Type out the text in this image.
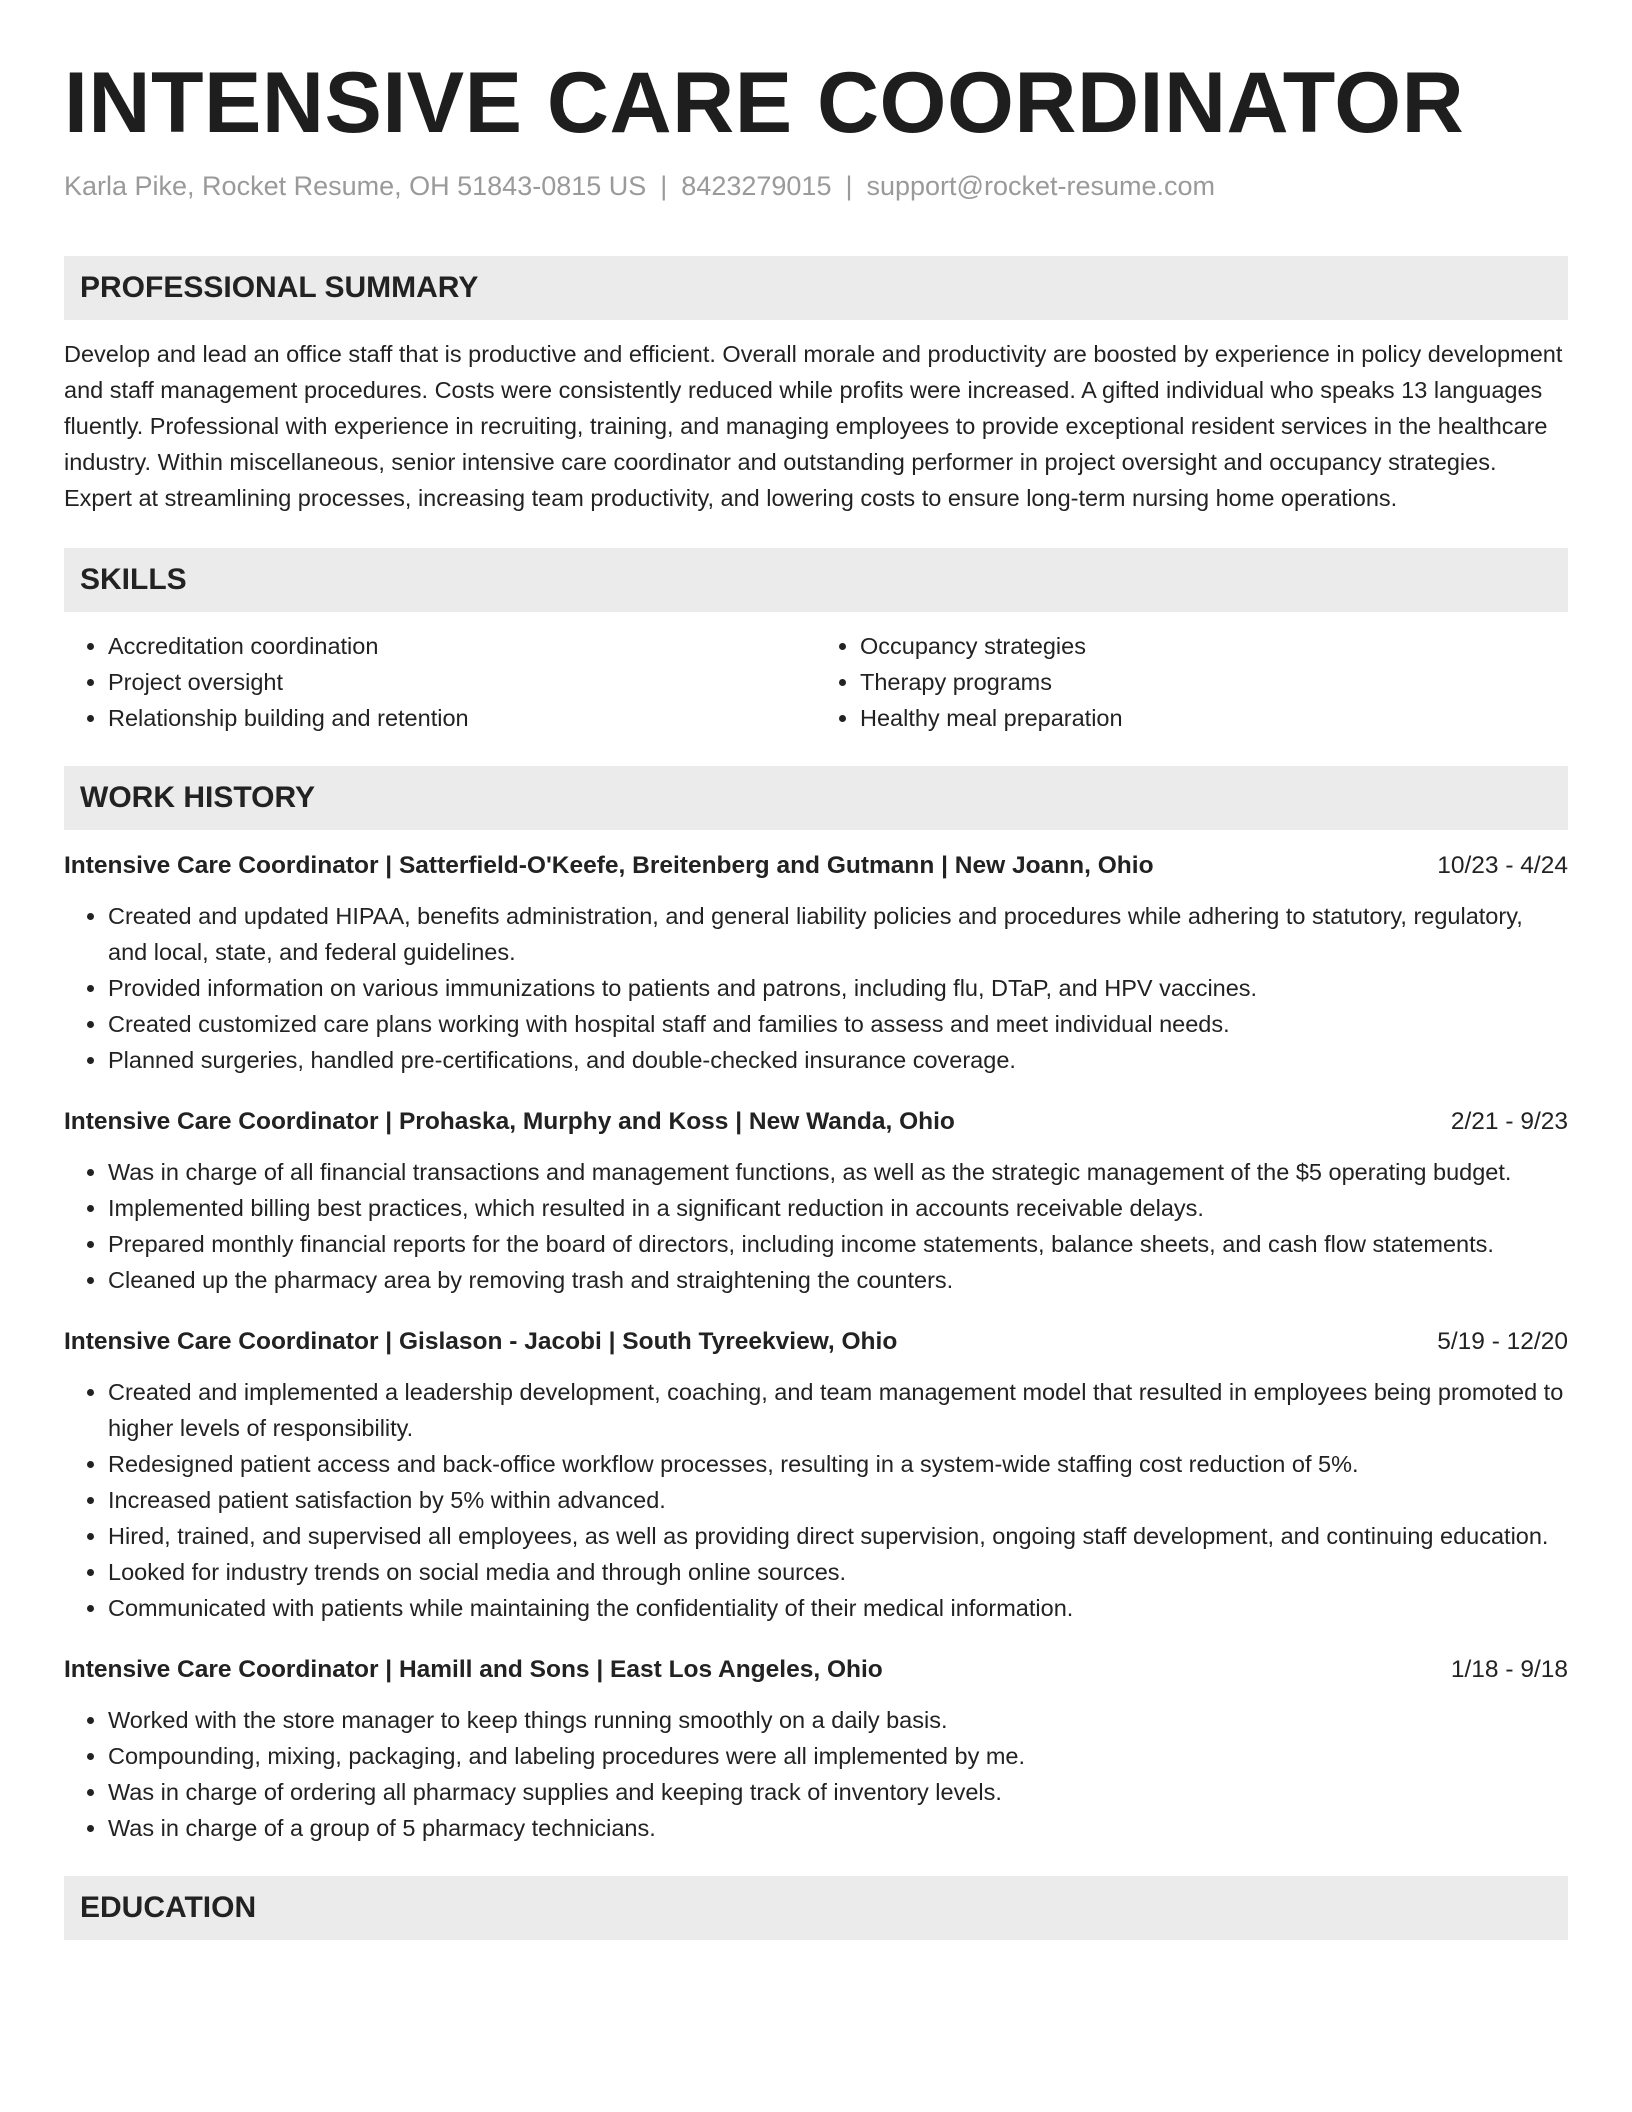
INTENSIVE CARE COORDINATOR
Karla Pike, Rocket Resume, OH 51843-0815 US | 8423279015 | support@rocket-resume.com
PROFESSIONAL SUMMARY
Develop and lead an office staff that is productive and efficient. Overall morale and productivity are boosted by experience in policy development and staff management procedures. Costs were consistently reduced while profits were increased. A gifted individual who speaks 13 languages fluently. Professional with experience in recruiting, training, and managing employees to provide exceptional resident services in the healthcare industry. Within miscellaneous, senior intensive care coordinator and outstanding performer in project oversight and occupancy strategies. Expert at streamlining processes, increasing team productivity, and lowering costs to ensure long-term nursing home operations.
SKILLS
• Accreditation coordination
• Project oversight
• Relationship building and retention
• Occupancy strategies
• Therapy programs
• Healthy meal preparation
WORK HISTORY
Intensive Care Coordinator | Satterfield-O'Keefe, Breitenberg and Gutmann | New Joann, Ohio	10/23 - 4/24
• Created and updated HIPAA, benefits administration, and general liability policies and procedures while adhering to statutory, regulatory, and local, state, and federal guidelines.
• Provided information on various immunizations to patients and patrons, including flu, DTaP, and HPV vaccines.
• Created customized care plans working with hospital staff and families to assess and meet individual needs.
• Planned surgeries, handled pre-certifications, and double-checked insurance coverage.
Intensive Care Coordinator | Prohaska, Murphy and Koss | New Wanda, Ohio	2/21 - 9/23
• Was in charge of all financial transactions and management functions, as well as the strategic management of the $5 operating budget.
• Implemented billing best practices, which resulted in a significant reduction in accounts receivable delays.
• Prepared monthly financial reports for the board of directors, including income statements, balance sheets, and cash flow statements.
• Cleaned up the pharmacy area by removing trash and straightening the counters.
Intensive Care Coordinator | Gislason - Jacobi | South Tyreekview, Ohio	5/19 - 12/20
• Created and implemented a leadership development, coaching, and team management model that resulted in employees being promoted to higher levels of responsibility.
• Redesigned patient access and back-office workflow processes, resulting in a system-wide staffing cost reduction of 5%.
• Increased patient satisfaction by 5% within advanced.
• Hired, trained, and supervised all employees, as well as providing direct supervision, ongoing staff development, and continuing education.
• Looked for industry trends on social media and through online sources.
• Communicated with patients while maintaining the confidentiality of their medical information.
Intensive Care Coordinator | Hamill and Sons | East Los Angeles, Ohio	1/18 - 9/18
• Worked with the store manager to keep things running smoothly on a daily basis.
• Compounding, mixing, packaging, and labeling procedures were all implemented by me.
• Was in charge of ordering all pharmacy supplies and keeping track of inventory levels.
• Was in charge of a group of 5 pharmacy technicians.
EDUCATION
